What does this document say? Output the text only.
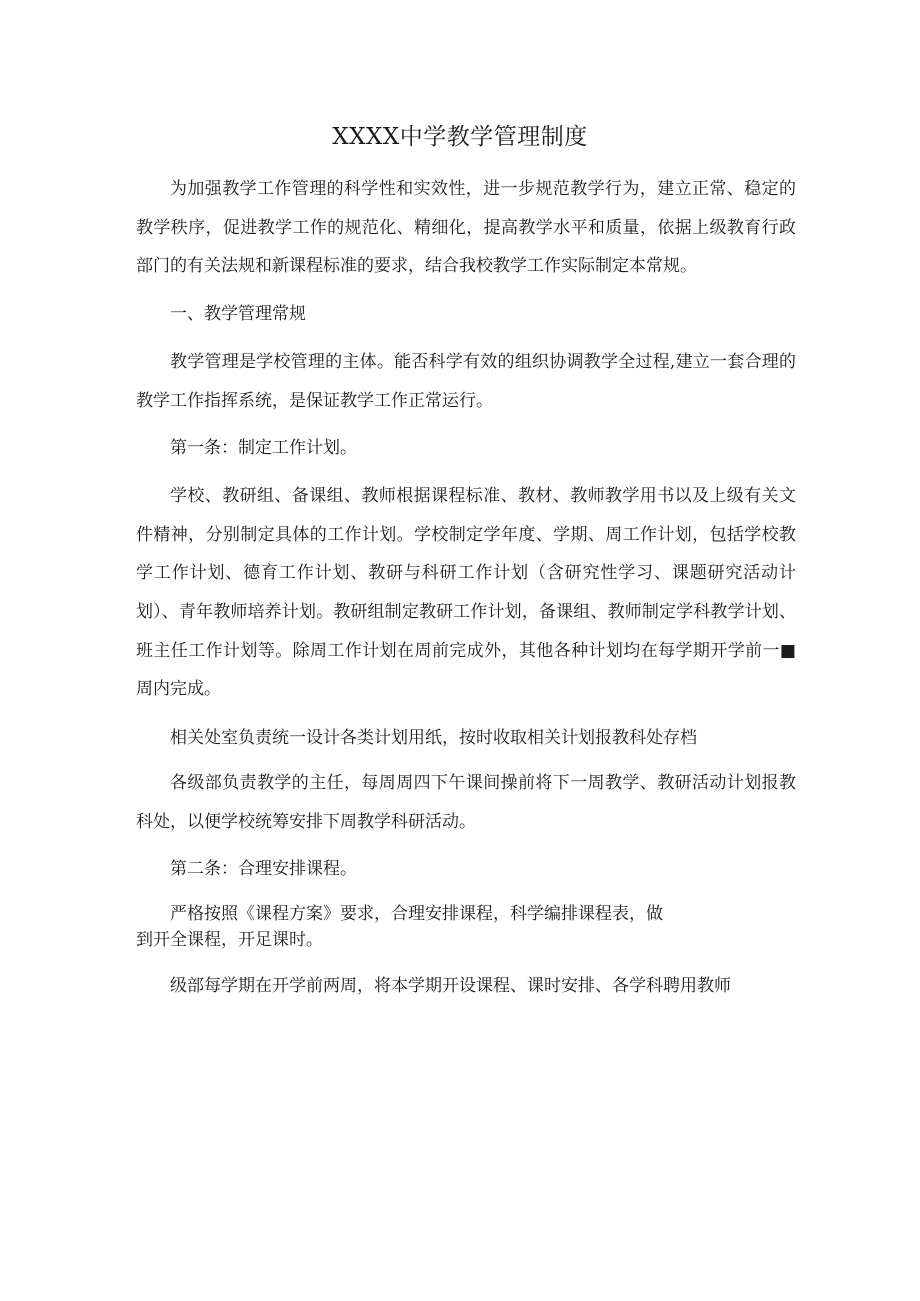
XXXX中学教学管理制度

为加强教学工作管理的科学性和实效性，进一步规范教学行为，建立正常、稳定的教学秩序，促进教学工作的规范化、精细化，提高教学水平和质量，依据上级教育行政部门的有关法规和新课程标准的要求，结合我校教学工作实际制定本常规。

一、教学管理常规

教学管理是学校管理的主体。能否科学有效的组织协调教学全过程,建立一套合理的教学工作指挥系统，是保证教学工作正常运行。

第一条：制定工作计划。

学校、教研组、备课组、教师根据课程标准、教材、教师教学用书以及上级有关文件精神，分别制定具体的工作计划。学校制定学年度、学期、周工作计划，包括学校教学工作计划、德育工作计划、教研与科研工作计划（含研究性学习、课题研究活动计划）、青年教师培养计划。教研组制定教研工作计划，备课组、教师制定学科教学计划、班主任工作计划等。除周工作计划在周前完成外，其他各种计划均在每学期开学前一■周内完成。

相关处室负责统一设计各类计划用纸，按时收取相关计划报教科处存档

各级部负责教学的主任，每周周四下午课间操前将下一周教学、教研活动计划报教科处，以便学校统筹安排下周教学科研活动。

第二条：合理安排课程。

严格按照《课程方案》要求，合理安排课程，科学编排课程表，做

到开全课程，开足课时。

级部每学期在开学前两周，将本学期开设课程、课时安排、各学科聘用教师
